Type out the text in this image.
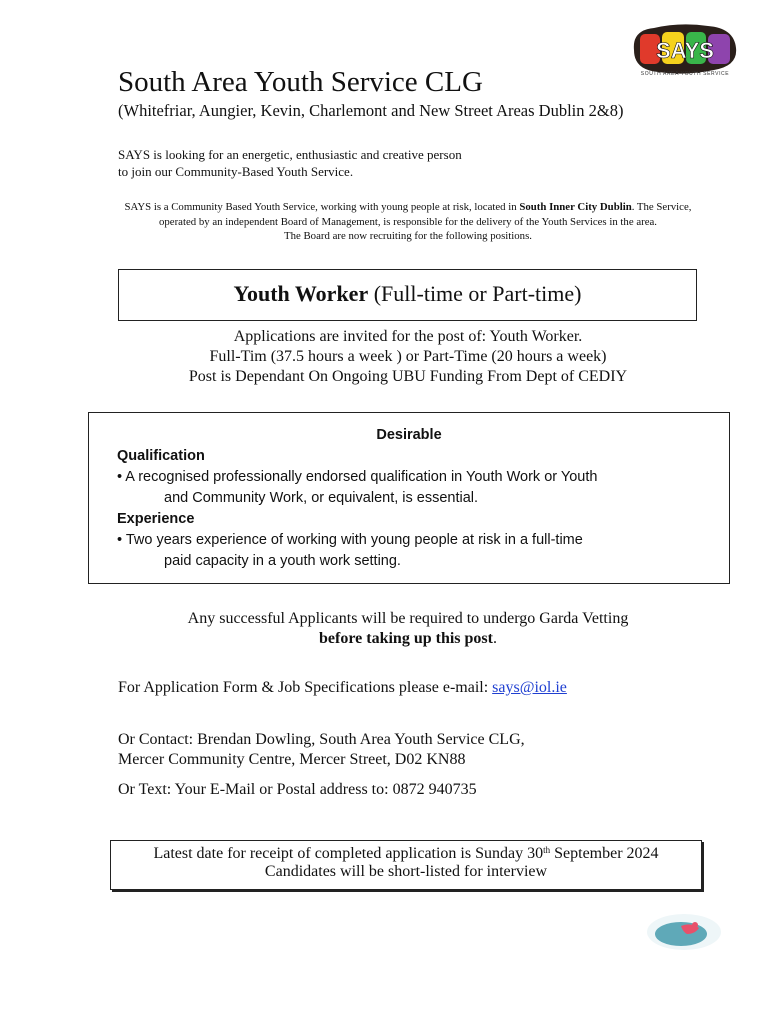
SAYS
SOUTH AREA YOUTH SERVICE
South Area Youth Service CLG
(Whitefriar, Aungier, Kevin, Charlemont and New Street Areas Dublin 2&8)
SAYS is looking for an energetic, enthusiastic and creative person
to join our Community-Based Youth Service.
SAYS is a Community Based Youth Service, working with young people at risk, located in South Inner City Dublin. The Service, operated by an independent Board of Management, is responsible for the delivery of the Youth Services in the area.
The Board are now recruiting for the following positions.
Youth Worker (Full-time or Part-time)
Applications are invited for the post of: Youth Worker.
Full-Tim (37.5 hours a week ) or Part-Time (20 hours a week)
Post is Dependant On Ongoing UBU Funding From Dept of CEDIY
Desirable
Qualification
• A recognised professionally endorsed qualification in Youth Work or Youth
and Community Work, or equivalent, is essential.
Experience
• Two years experience of working with young people at risk in a full-time
paid capacity in a youth work setting.
Any successful Applicants will be required to undergo Garda Vetting
before taking up this post.
For Application Form & Job Specifications please e-mail: says@iol.ie
Or Contact: Brendan Dowling, South Area Youth Service CLG,
Mercer Community Centre, Mercer Street, D02 KN88
Or Text: Your E-Mail or Postal address to: 0872 940735
Latest date for receipt of completed application is Sunday 30th September 2024
Candidates will be short-listed for interview
